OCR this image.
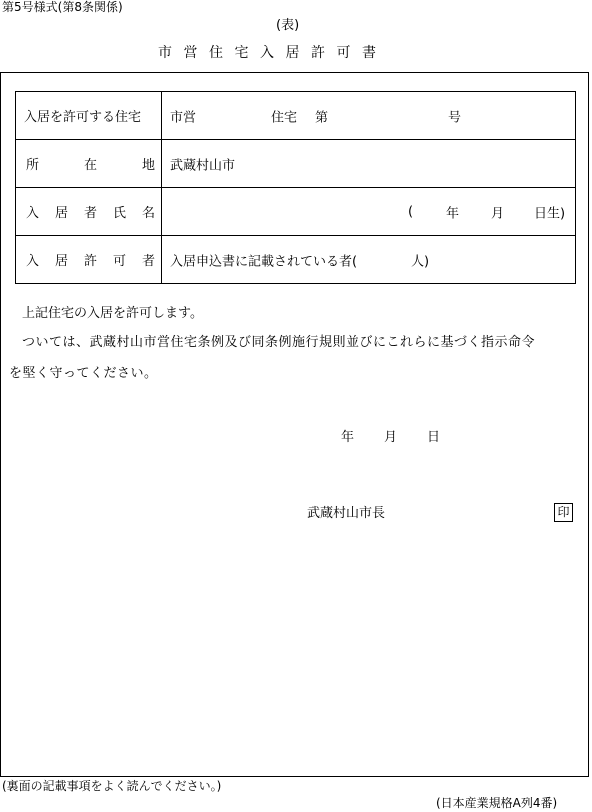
第5号様式(第8条関係)
(表)
市営住宅入居許可書
入居を許可する住宅	市営 住宅 第 号

所 在 地	武蔵村山市

入 居 者 氏 名	( 年 月 日生)

入 居 許 可 者	入居申込書に記載されている者( 人)
上記住宅の入居を許可します。
ついては、武蔵村山市営住宅条例及び同条例施行規則並びにこれらに基づく指示命令
を堅く守ってください。
年 月 日
武蔵村山市長	印
(裏面の記載事項をよく読んでください。)
(日本産業規格A列4番)
